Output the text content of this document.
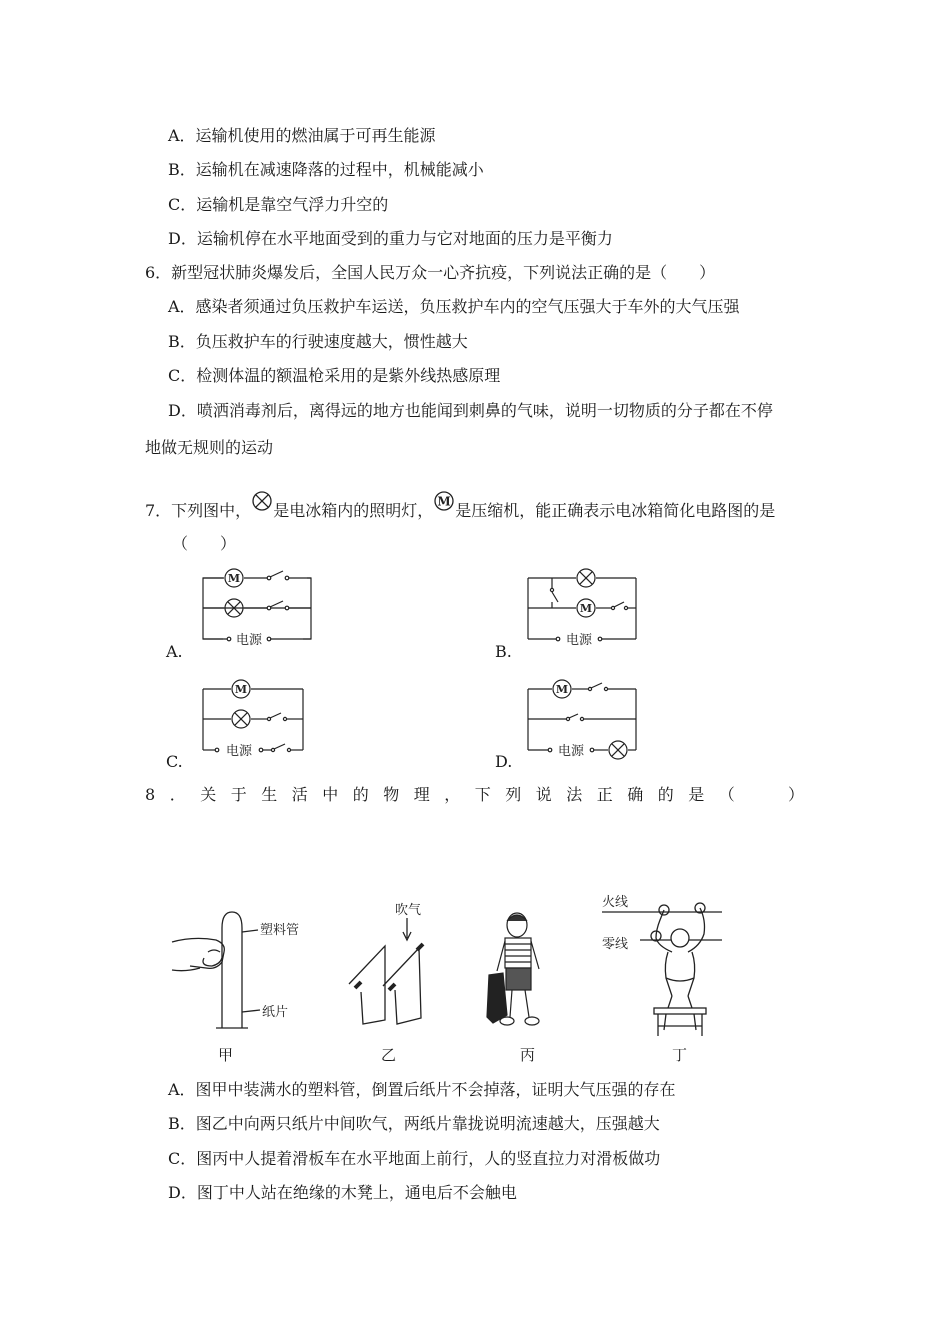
A．运输机使用的燃油属于可再生能源
B．运输机在减速降落的过程中，机械能减小
C．运输机是靠空气浮力升空的
D．运输机停在水平地面受到的重力与它对地面的压力是平衡力
6．新型冠状肺炎爆发后，全国人民万众一心齐抗疫，下列说法正确的是（　　）
A．感染者须通过负压救护车运送，负压救护车内的空气压强大于车外的大气压强
B．负压救护车的行驶速度越大，惯性越大
C．检测体温的额温枪采用的是紫外线热感原理
D．喷洒消毒剂后，离得远的地方也能闻到刺鼻的气味，说明一切物质的分子都在不停
地做无规则的运动
7．下列图中， 是电冰箱内的照明灯， M 是压缩机，能正确表示电冰箱简化电路图的是
（　　）
A.
M
电源
B.
M
电源
C.
M
电源
D.
M
电源
8．关于生活中的物理，下列说法正确的是（ ）
塑料管
纸片
甲
吹气
乙	丙
火线
零线
丁
A．图甲中装满水的塑料管，倒置后纸片不会掉落，证明大气压强的存在
B．图乙中向两只纸片中间吹气，两纸片靠拢说明流速越大，压强越大
C．图丙中人提着滑板车在水平地面上前行，人的竖直拉力对滑板做功
D．图丁中人站在绝缘的木凳上，通电后不会触电
